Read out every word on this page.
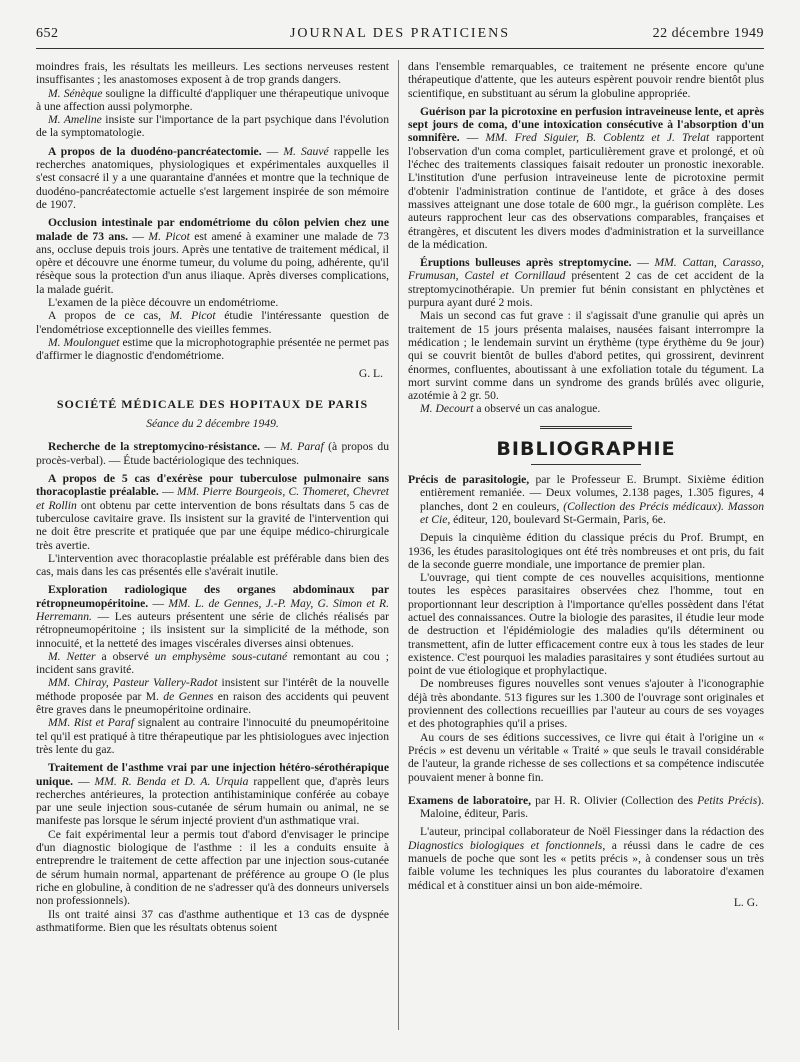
652	JOURNAL DES PRATICIENS	22 décembre 1949

moindres frais, les résultats les meilleurs. Les sections nerveuses restent insuffisantes ; les anastomoses exposent à de trop grands dangers.

M. Sénèque souligne la difficulté d'appliquer une thérapeutique univoque à une affection aussi polymorphe.

M. Ameline insiste sur l'importance de la part psychique dans l'évolution de la symptomatologie.

A propos de la duodéno-pancréatectomie. — M. Sauvé rappelle les recherches anatomiques, physiologiques et expérimentales auxquelles il s'est consacré il y a une quarantaine d'années et montre que la technique de duodéno-pancréatectomie actuelle s'est largement inspirée de son mémoire de 1907.

Occlusion intestinale par endométriome du côlon pelvien chez une malade de 73 ans. — M. Picot est amené à examiner une malade de 73 ans, occluse depuis trois jours. Après une tentative de traitement médical, il opère et découvre une énorme tumeur, du volume du poing, adhérente, qu'il résèque sous la protection d'un anus iliaque. Après diverses complications, la malade guérit.

L'examen de la pièce découvre un endométriome.

A propos de ce cas, M. Picot étudie l'intéressante question de l'endométriose exceptionnelle des vieilles femmes.

M. Moulonguet estime que la microphotographie présentée ne permet pas d'affirmer le diagnostic d'endométriome.

G. L.

SOCIÉTÉ MÉDICALE DES HOPITAUX DE PARIS

Séance du 2 décembre 1949.

Recherche de la streptomycino-résistance. — M. Paraf (à propos du procès-verbal). — Étude bactériologique des techniques.

A propos de 5 cas d'exérèse pour tuberculose pulmonaire sans thoracoplastie préalable. — MM. Pierre Bourgeois, C. Thomeret, Chevret et Rollin ont obtenu par cette intervention de bons résultats dans 5 cas de tuberculose cavitaire grave. Ils insistent sur la gravité de l'intervention qui ne doit être prescrite et pratiquée que par une équipe médico-chirurgicale très avertie.

L'intervention avec thoracoplastie préalable est préférable dans bien des cas, mais dans les cas présentés elle s'avérait inutile.

Exploration radiologique des organes abdominaux par rétropneumopéritoine. — MM. L. de Gennes, J.-P. May, G. Simon et R. Herremann. — Les auteurs présentent une série de clichés réalisés par rétropneumopéritoine ; ils insistent sur la simplicité de la méthode, son innocuité, et la netteté des images viscérales diverses ainsi obtenues.

M. Netter a observé un emphysème sous-cutané remontant au cou ; incident sans gravité.

MM. Chiray, Pasteur Vallery-Radot insistent sur l'intérêt de la nouvelle méthode proposée par M. de Gennes en raison des accidents qui peuvent être graves dans le pneumopéritoine ordinaire.

MM. Rist et Paraf signalent au contraire l'innocuité du pneumopéritoine tel qu'il est pratiqué à titre thérapeutique par les phtisiologues avec injection très lente du gaz.

Traitement de l'asthme vrai par une injection hétéro-sérothérapique unique. — MM. R. Benda et D. A. Urquia rappellent que, d'après leurs recherches antérieures, la protection antihistaminique conférée au cobaye par une seule injection sous-cutanée de sérum humain ou animal, ne se manifeste pas lorsque le sérum injecté provient d'un asthmatique vrai.

Ce fait expérimental leur a permis tout d'abord d'envisager le principe d'un diagnostic biologique de l'asthme : il les a conduits ensuite à entreprendre le traitement de cette affection par une injection sous-cutanée de sérum humain normal, appartenant de préférence au groupe O (le plus riche en globuline, à condition de ne s'adresser qu'à des donneurs universels non professionnels).

Ils ont traité ainsi 37 cas d'asthme authentique et 13 cas de dyspnée asthmatiforme. Bien que les résultats obtenus soient

dans l'ensemble remarquables, ce traitement ne présente encore qu'une thérapeutique d'attente, que les auteurs espèrent pouvoir rendre bientôt plus scientifique, en substituant au sérum la globuline appropriée.

Guérison par la picrotoxine en perfusion intraveineuse lente, et après sept jours de coma, d'une intoxication consécutive à l'absorption d'un somnifère. — MM. Fred Siguier, B. Coblentz et J. Trelat rapportent l'observation d'un coma complet, particulièrement grave et prolongé, et où l'échec des traitements classiques faisait redouter un pronostic inexorable. L'institution d'une perfusion intraveineuse lente de picrotoxine permit d'obtenir l'administration continue de l'antidote, et grâce à des doses massives atteignant une dose totale de 600 mgr., la guérison complète. Les auteurs rapprochent leur cas des observations comparables, françaises et étrangères, et discutent les divers modes d'administration et la surveillance de la médication.

Éruptions bulleuses après streptomycine. — MM. Cattan, Carasso, Frumusan, Castel et Cornillaud présentent 2 cas de cet accident de la streptomycinothérapie. Un premier fut bénin consistant en phlyctènes et purpura ayant duré 2 mois.

Mais un second cas fut grave : il s'agissait d'une granulie qui après un traitement de 15 jours présenta malaises, nausées faisant interrompre la médication ; le lendemain survint un érythème (type érythème du 9e jour) qui se couvrit bientôt de bulles d'abord petites, qui grossirent, devinrent énormes, confluentes, aboutissant à une exfoliation totale du tégument. La mort survint comme dans un syndrome des grands brûlés avec oligurie, azotémie à 2 gr. 50.

M. Decourt a observé un cas analogue.

BIBLIOGRAPHIE

Précis de parasitologie, par le Professeur E. Brumpt. Sixième édition entièrement remaniée. — Deux volumes, 2.138 pages, 1.305 figures, 4 planches, dont 2 en couleurs, (Collection des Précis médicaux). Masson et Cie, éditeur, 120, boulevard St-Germain, Paris, 6e.

Depuis la cinquième édition du classique précis du Prof. Brumpt, en 1936, les études parasitologiques ont été très nombreuses et ont pris, du fait de la seconde guerre mondiale, une importance de premier plan.

L'ouvrage, qui tient compte de ces nouvelles acquisitions, mentionne toutes les espèces parasitaires observées chez l'homme, tout en proportionnant leur description à l'importance qu'elles possèdent dans l'état actuel des connaissances. Outre la biologie des parasites, il étudie leur mode de destruction et l'épidémiologie des maladies qu'ils déterminent ou transmettent, afin de lutter efficacement contre eux à tous les stades de leur existence. C'est pourquoi les maladies parasitaires y sont étudiées surtout au point de vue étiologique et prophylactique.

De nombreuses figures nouvelles sont venues s'ajouter à l'iconographie déjà très abondante. 513 figures sur les 1.300 de l'ouvrage sont originales et proviennent des collections recueillies par l'auteur au cours de ses voyages et des photographies qu'il a prises.

Au cours de ses éditions successives, ce livre qui était à l'origine un « Précis » est devenu un véritable « Traité » que seuls le travail considérable de l'auteur, la grande richesse de ses collections et sa compétence indiscutée pouvaient mener à bonne fin.

Examens de laboratoire, par H. R. Olivier (Collection des Petits Précis). Maloine, éditeur, Paris.

L'auteur, principal collaborateur de Noël Fiessinger dans la rédaction des Diagnostics biologiques et fonctionnels, a réussi dans le cadre de ces manuels de poche que sont les « petits précis », à condenser sous un très faible volume les techniques les plus courantes du laboratoire d'examen médical et à constituer ainsi un bon aide-mémoire.

L. G.
